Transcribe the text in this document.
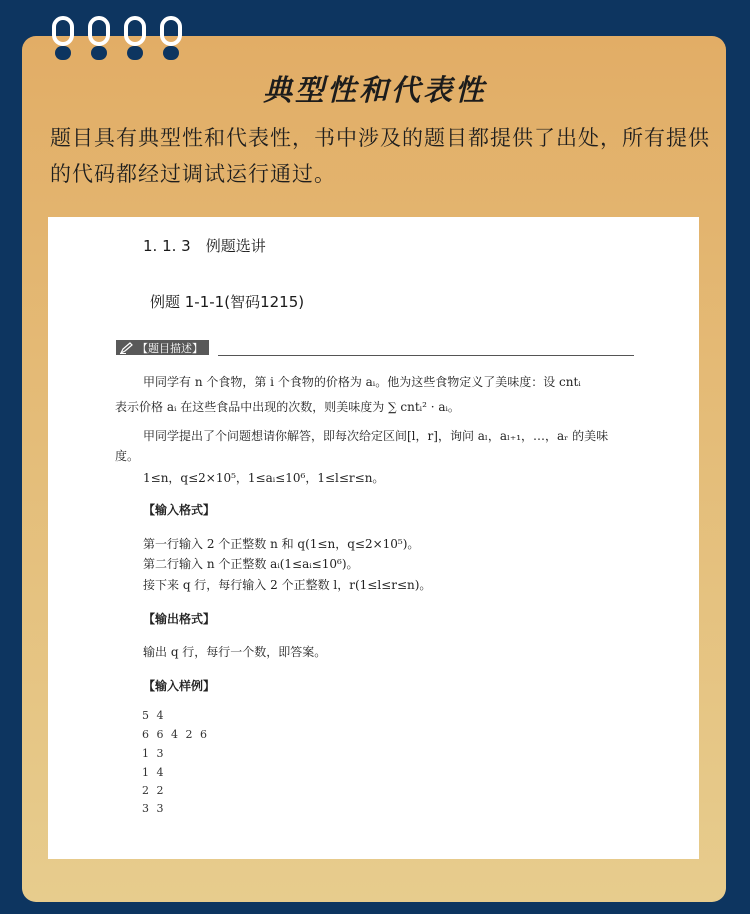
典型性和代表性
题目具有典型性和代表性，书中涉及的题目都提供了出处，所有提供的代码都经过调试运行通过。
1. 1. 3　例题选讲
例题 1-1-1(智码1215)
【题目描述】
甲同学有 n 个食物，第 i 个食物的价格为 aᵢ。他为这些食物定义了美味度：设 cntᵢ
表示价格 aᵢ 在这些食品中出现的次数，则美味度为 ∑ cntᵢ² · aᵢ。
甲同学提出了个问题想请你解答，即每次给定区间[l，r]，询问 aₗ，aₗ₊₁，…，aᵣ 的美味
度。
1≤n，q≤2×10⁵，1≤aᵢ≤10⁶，1≤l≤r≤n。
【输入格式】
第一行输入 2 个正整数 n 和 q(1≤n，q≤2×10⁵)。
第二行输入 n 个正整数 aᵢ(1≤aᵢ≤10⁶)。
接下来 q 行，每行输入 2 个正整数 l，r(1≤l≤r≤n)。
【输出格式】
输出 q 行，每行一个数，即答案。
【输入样例】
5 4
6 6 4 2 6
1 3
1 4
2 2
3 3
